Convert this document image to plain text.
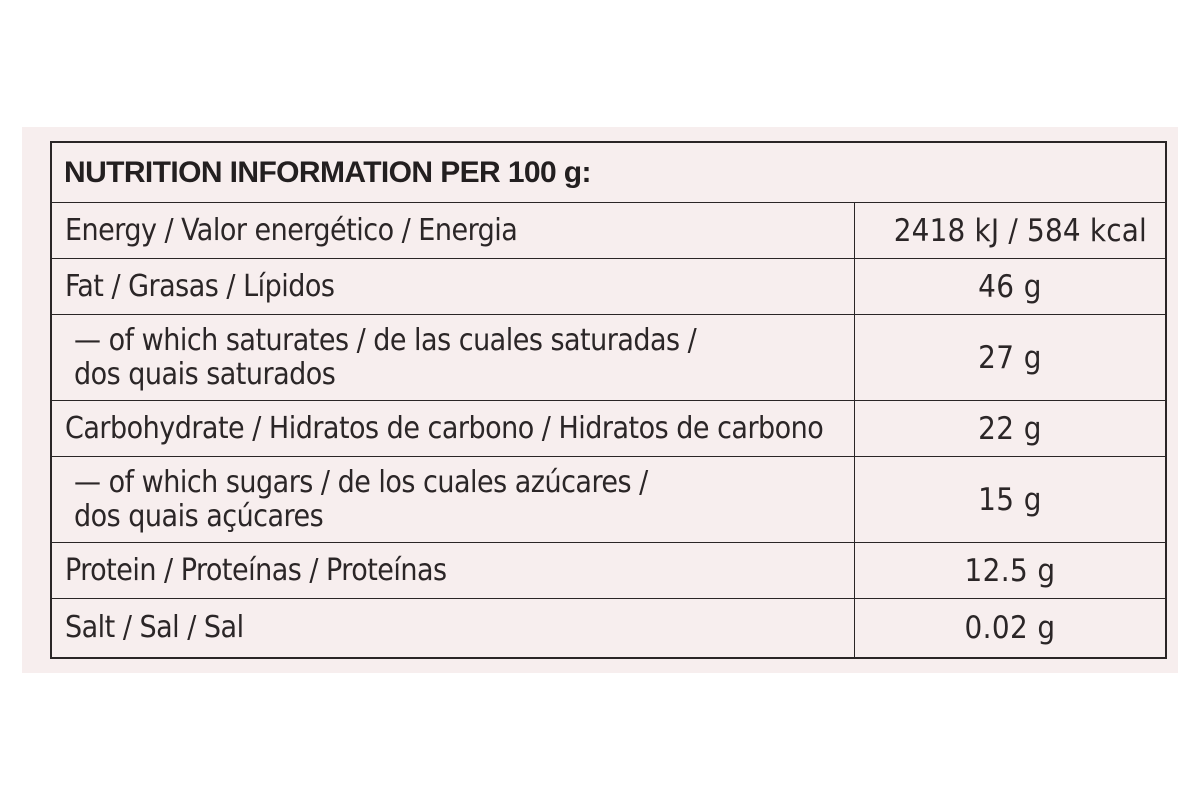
NUTRITION INFORMATION PER 100 g:
Energy / Valor energético / Energia	2418 kJ / 584 kcal
Fat / Grasas / Lípidos	46 g
— of which saturates / de las cuales saturadas /
dos quais saturados	27 g
Carbohydrate / Hidratos de carbono / Hidratos de carbono	22 g
— of which sugars / de los cuales azúcares /
dos quais açúcares	15 g
Protein / Proteínas / Proteínas	12.5 g
Salt / Sal / Sal	0.02 g
